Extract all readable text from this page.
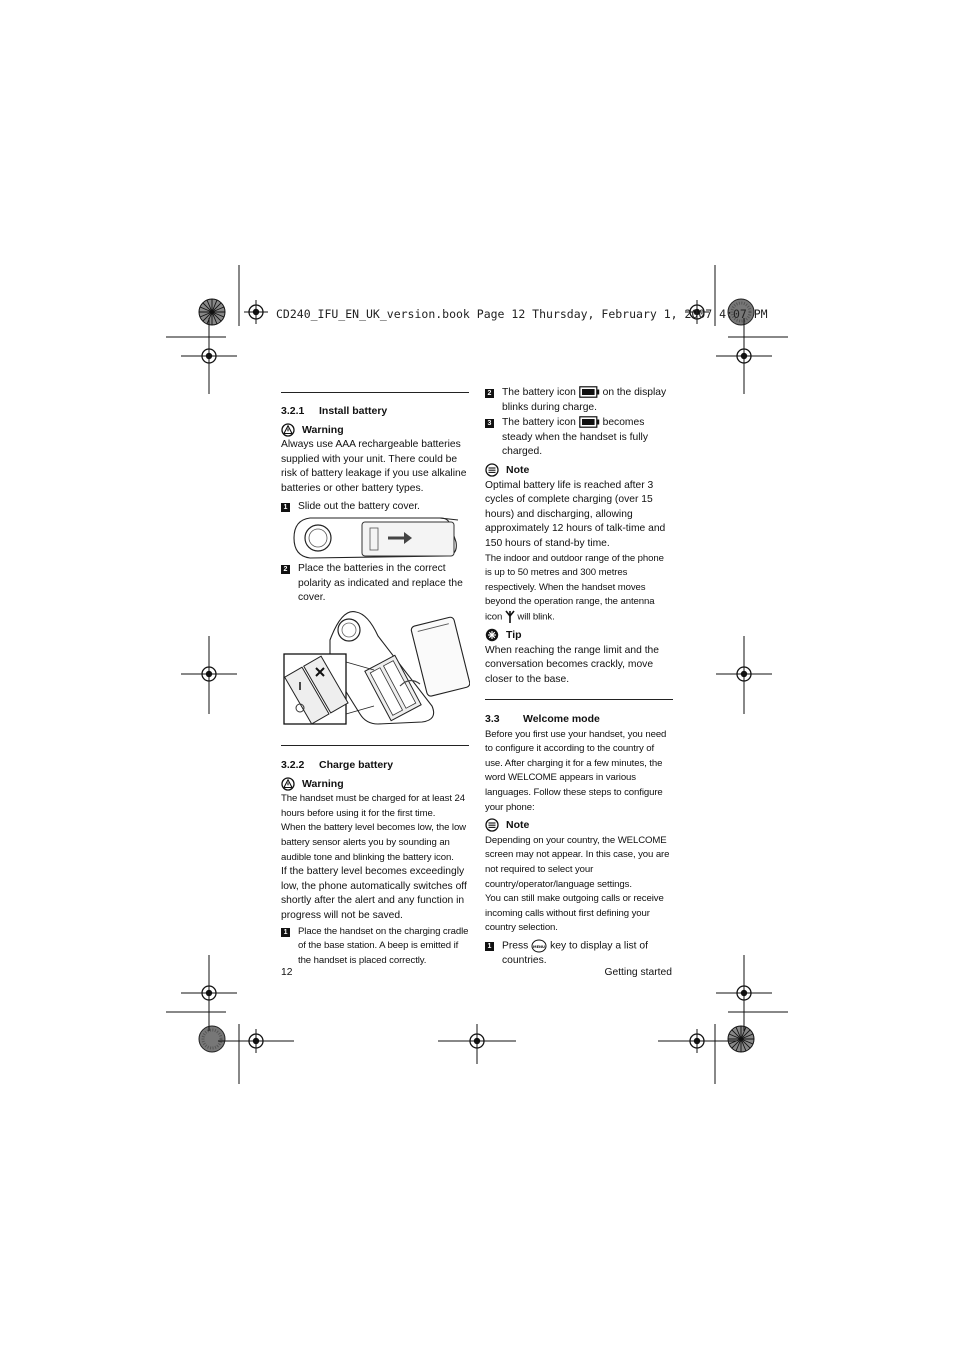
CD240_IFU_EN_UK_version.book Page 12 Thursday, February 1, 2007 4:07 PM
3.2.1 Install battery
Warning

Always use AAA rechargeable batteries supplied with your unit. There could be risk of battery leakage if you use alkaline batteries or other battery types.

1 Slide out the battery cover.
2 Place the batteries in the correct polarity as indicated and replace the cover.
3.2.2 Charge battery
Warning

The handset must be charged for at least 24 hours before using it for the first time.

When the battery level becomes low, the low battery sensor alerts you by sounding an audible tone and blinking the battery icon.

If the battery level becomes exceedingly low, the phone automatically switches off shortly after the alert and any function in progress will not be saved.

1 Place the handset on the charging cradle of the base station. A beep is emitted if the handset is placed correctly.
2 The battery icon	on the display blinks during charge.
3 The battery icon	becomes steady when the handset is fully charged.
Note

Optimal battery life is reached after 3 cycles of complete charging (over 15 hours) and discharging, allowing approximately 12 hours of talk-time and 150 hours of stand-by time.

The indoor and outdoor range of the phone is up to 50 metres and 300 metres respectively. When the handset moves beyond the operation range, the antenna icon will blink.

Tip

When reaching the range limit and the conversation becomes crackly, move closer to the base.

3.3 Welcome mode

Before you first use your handset, you need to configure it according to the country of use. After charging it for a few minutes, the word WELCOME appears in various languages. Follow these steps to configure your phone:

Note

Depending on your country, the WELCOME screen may not appear. In this case, you are not required to select your country/operator/language settings.

You can still make outgoing calls or receive incoming calls without first defining your country selection.

1 Press MENU key to display a list of countries.
12	Getting started
